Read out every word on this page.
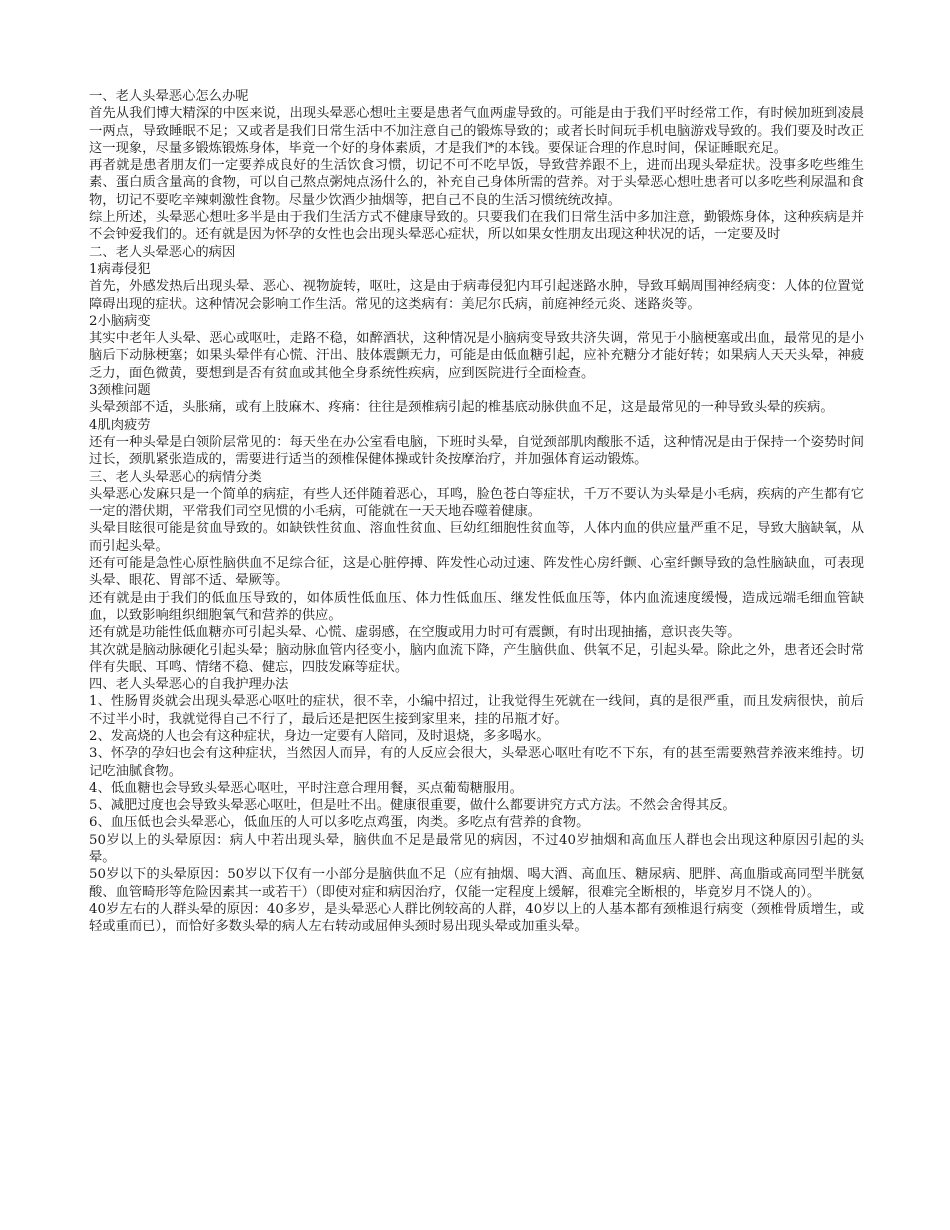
一、老人头晕恶心怎么办呢

首先从我们博大精深的中医来说，出现头晕恶心想吐主要是患者气血两虚导致的。可能是由于我们平时经常工作，有时候加班到凌晨一两点，导致睡眠不足；又或者是我们日常生活中不加注意自己的锻炼导致的；或者长时间玩手机电脑游戏导致的。我们要及时改正这一现象，尽量多锻炼锻炼身体，毕竟一个好的身体素质，才是我们*的本钱。要保证合理的作息时间，保证睡眠充足。

再者就是患者朋友们一定要养成良好的生活饮食习惯，切记不可不吃早饭，导致营养跟不上，进而出现头晕症状。没事多吃些维生素、蛋白质含量高的食物，可以自己熬点粥炖点汤什么的，补充自己身体所需的营养。对于头晕恶心想吐患者可以多吃些利尿温和食物，切记不要吃辛辣刺激性食物。尽量少饮酒少抽烟等，把自己不良的生活习惯统统改掉。

综上所述，头晕恶心想吐多半是由于我们生活方式不健康导致的。只要我们在我们日常生活中多加注意，勤锻炼身体，这种疾病是并不会钟爱我们的。还有就是因为怀孕的女性也会出现头晕恶心症状，所以如果女性朋友出现这种状况的话，一定要及时

二、老人头晕恶心的病因

1病毒侵犯

首先，外感发热后出现头晕、恶心、视物旋转，呕吐，这是由于病毒侵犯内耳引起迷路水肿，导致耳蜗周围神经病变：人体的位置觉障碍出现的症状。这种情况会影响工作生活。常见的这类病有：美尼尔氏病，前庭神经元炎、迷路炎等。

2小脑病变

其实中老年人头晕、恶心或呕吐，走路不稳，如醉酒状，这种情况是小脑病变导致共济失调，常见于小脑梗塞或出血，最常见的是小脑后下动脉梗塞；如果头晕伴有心慌、汗出、肢体震颤无力，可能是由低血糖引起，应补充糖分才能好转；如果病人天天头晕，神疲乏力，面色微黄，要想到是否有贫血或其他全身系统性疾病，应到医院进行全面检查。

3颈椎问题

头晕颈部不适，头胀痛，或有上肢麻木、疼痛：往往是颈椎病引起的椎基底动脉供血不足，这是最常见的一种导致头晕的疾病。

4肌肉疲劳

还有一种头晕是白领阶层常见的：每天坐在办公室看电脑，下班时头晕，自觉颈部肌肉酸胀不适，这种情况是由于保持一个姿势时间过长，颈肌紧张造成的，需要进行适当的颈椎保健体操或针灸按摩治疗，并加强体育运动锻炼。

三、老人头晕恶心的病情分类

头晕恶心发麻只是一个简单的病症，有些人还伴随着恶心，耳鸣，脸色苍白等症状，千万不要认为头晕是小毛病，疾病的产生都有它一定的潜伏期，平常我们司空见惯的小毛病，可能就在一天天地吞噬着健康。

头晕目眩很可能是贫血导致的。如缺铁性贫血、溶血性贫血、巨幼红细胞性贫血等，人体内血的供应量严重不足，导致大脑缺氧，从而引起头晕。

还有可能是急性心原性脑供血不足综合征，这是心脏停搏、阵发性心动过速、阵发性心房纤颤、心室纤颤导致的急性脑缺血，可表现头晕、眼花、胃部不适、晕厥等。

还有就是由于我们的低血压导致的，如体质性低血压、体力性低血压、继发性低血压等，体内血流速度缓慢，造成远端毛细血管缺血，以致影响组织细胞氧气和营养的供应。

还有就是功能性低血糖亦可引起头晕、心慌、虚弱感，在空腹或用力时可有震颤，有时出现抽搐，意识丧失等。

其次就是脑动脉硬化引起头晕；脑动脉血管内径变小，脑内血流下降，产生脑供血、供氧不足，引起头晕。除此之外，患者还会时常伴有失眠、耳鸣、情绪不稳、健忘，四肢发麻等症状。

四、老人头晕恶心的自我护理办法

1、性肠胃炎就会出现头晕恶心呕吐的症状，很不幸，小编中招过，让我觉得生死就在一线间，真的是很严重，而且发病很快，前后不过半小时，我就觉得自己不行了，最后还是把医生接到家里来，挂的吊瓶才好。

2、发高烧的人也会有这种症状，身边一定要有人陪同，及时退烧，多多喝水。

3、怀孕的孕妇也会有这种症状，当然因人而异，有的人反应会很大，头晕恶心呕吐有吃不下东，有的甚至需要熟营养液来维持。切记吃油腻食物。

4、低血糖也会导致头晕恶心呕吐，平时注意合理用餐，买点葡萄糖服用。

5、减肥过度也会导致头晕恶心呕吐，但是吐不出。健康很重要，做什么都要讲究方式方法。不然会舍得其反。

6、血压低也会头晕恶心，低血压的人可以多吃点鸡蛋，肉类。多吃点有营养的食物。

50岁以上的头晕原因：病人中若出现头晕，脑供血不足是最常见的病因，不过40岁抽烟和高血压人群也会出现这种原因引起的头晕。

50岁以下的头晕原因：50岁以下仅有一小部分是脑供血不足（应有抽烟、喝大酒、高血压、糖尿病、肥胖、高血脂或高同型半胱氨酸、血管畸形等危险因素其一或若干）（即使对症和病因治疗，仅能一定程度上缓解，很难完全断根的，毕竟岁月不饶人的）。

40岁左右的人群头晕的原因：40多岁，是头晕恶心人群比例较高的人群，40岁以上的人基本都有颈椎退行病变（颈椎骨质增生，或轻或重而已），而恰好多数头晕的病人左右转动或屈伸头颈时易出现头晕或加重头晕。
